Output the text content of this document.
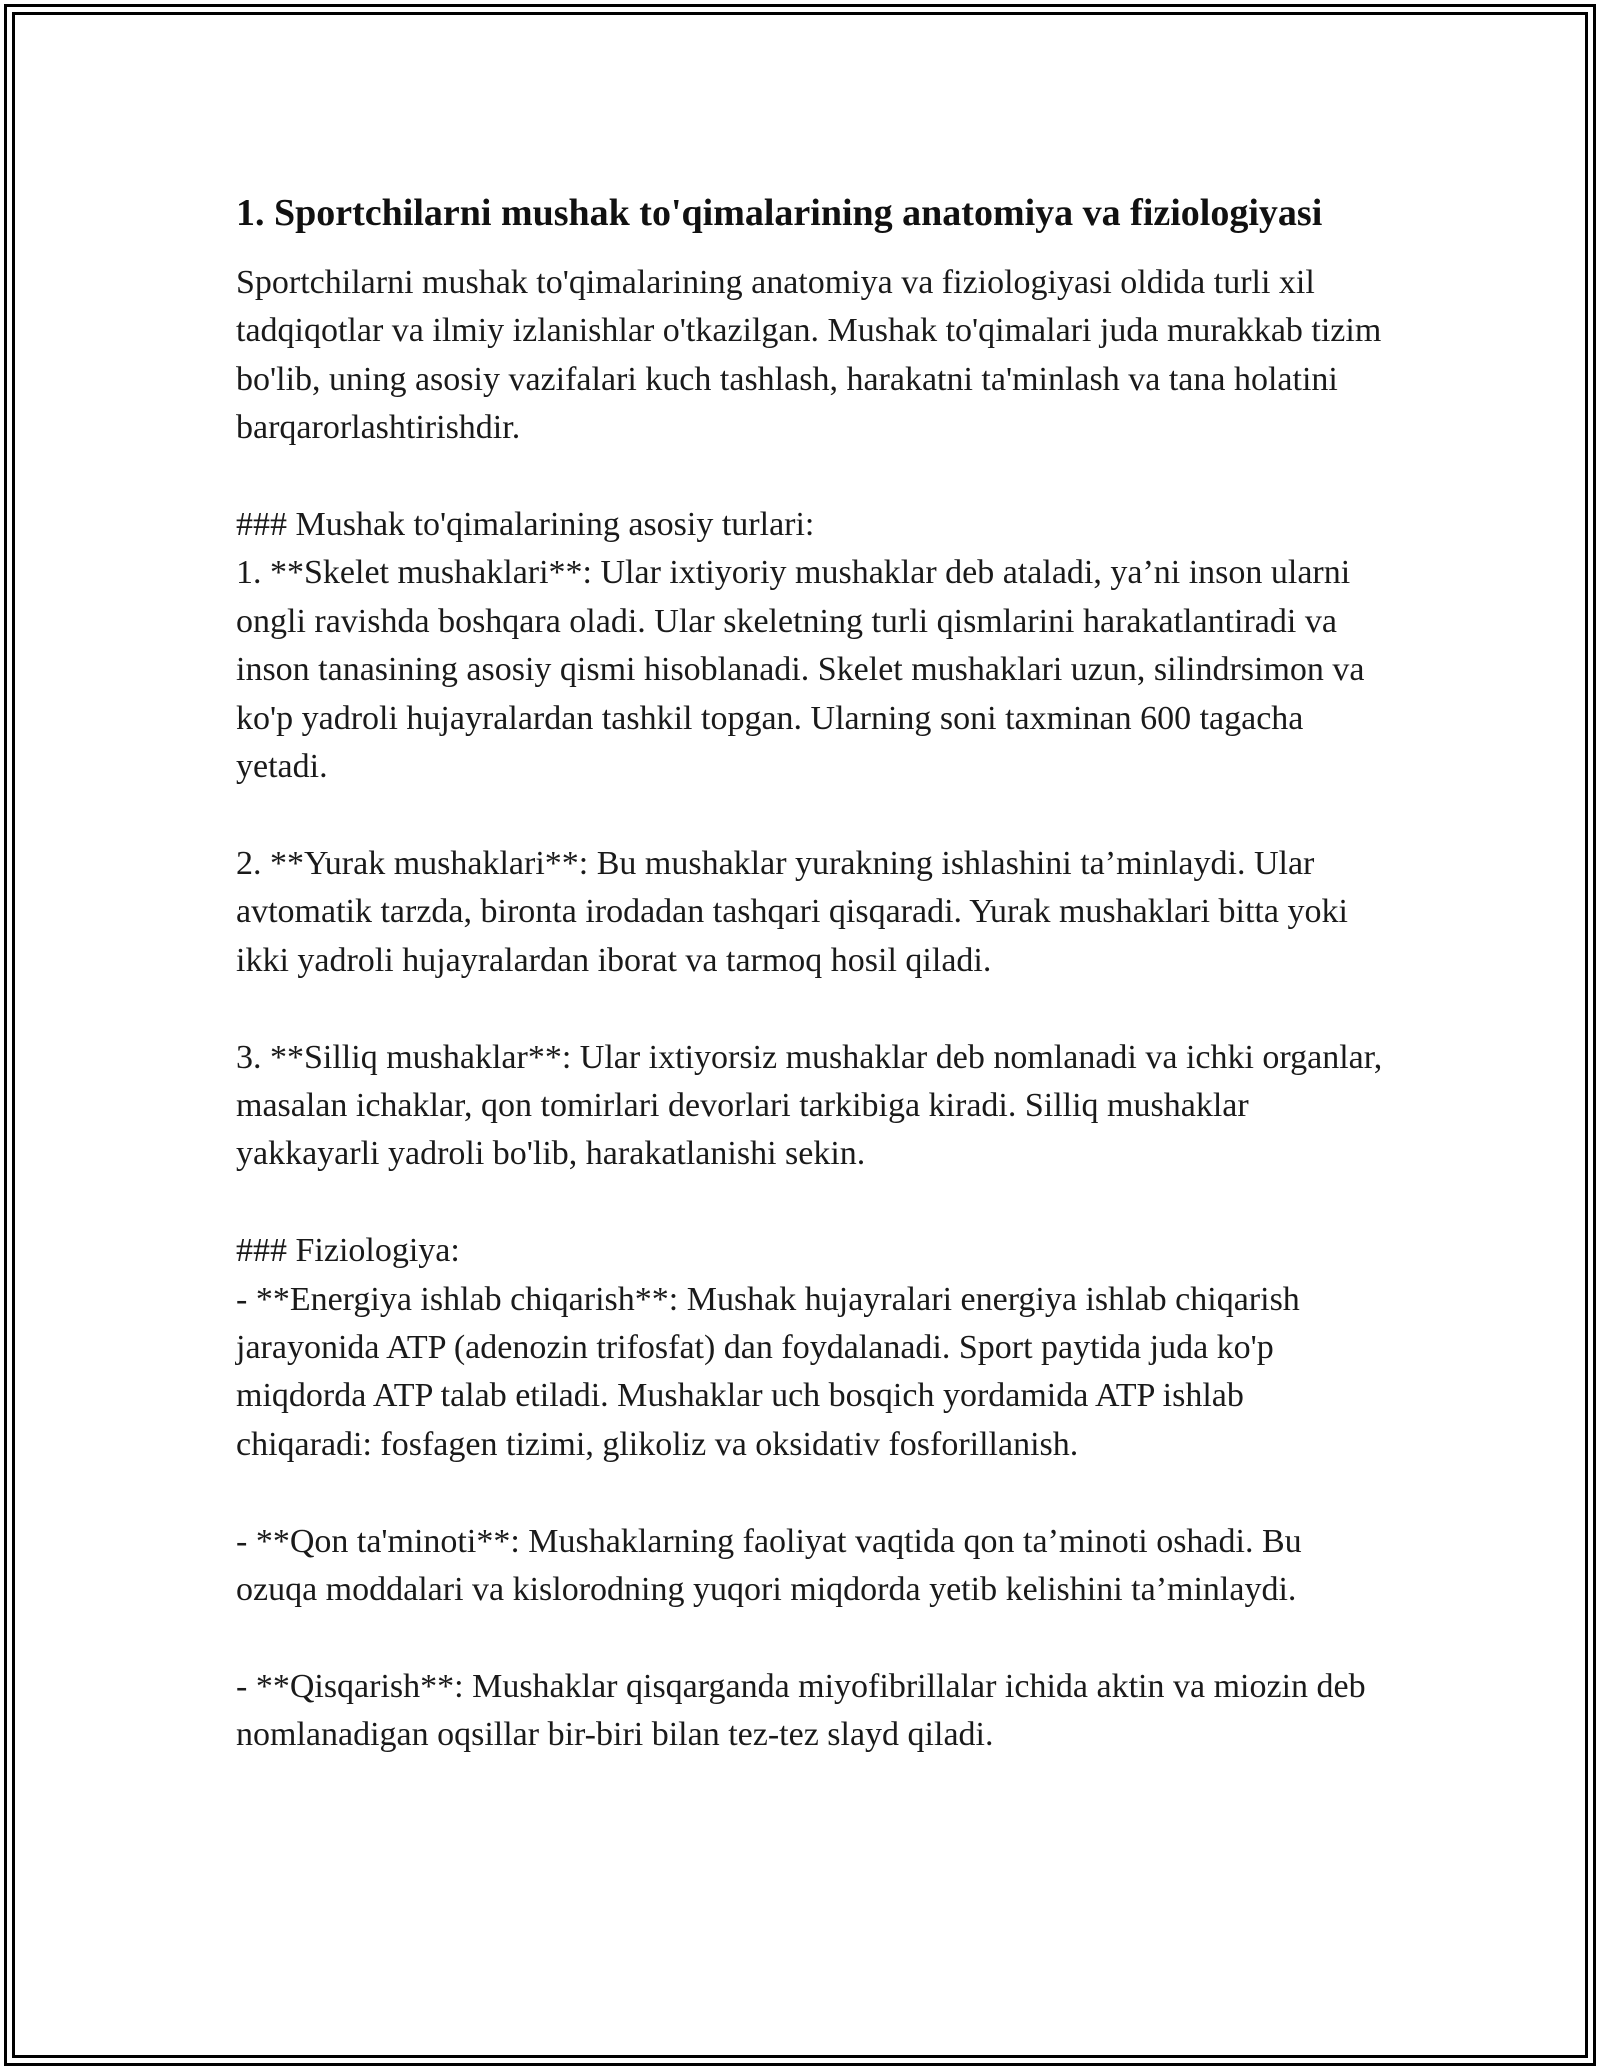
1. Sportchilarni mushak to'qimalarining anatomiya va fiziologiyasi

Sportchilarni mushak to'qimalarining anatomiya va fiziologiyasi oldida turli xil tadqiqotlar va ilmiy izlanishlar o'tkazilgan. Mushak to'qimalari juda murakkab tizim bo'lib, uning asosiy vazifalari kuch tashlash, harakatni ta'minlash va tana holatini barqarorlashtirishdir.

### Mushak to'qimalarining asosiy turlari:
1. **Skelet mushaklari**: Ular ixtiyoriy mushaklar deb ataladi, ya’ni inson ularni ongli ravishda boshqara oladi. Ular skeletning turli qismlarini harakatlantiradi va inson tanasining asosiy qismi hisoblanadi. Skelet mushaklari uzun, silindrsimon va ko'p yadroli hujayralardan tashkil topgan. Ularning soni taxminan 600 tagacha yetadi.

2. **Yurak mushaklari**: Bu mushaklar yurakning ishlashini ta’minlaydi. Ular avtomatik tarzda, bironta irodadan tashqari qisqaradi. Yurak mushaklari bitta yoki ikki yadroli hujayralardan iborat va tarmoq hosil qiladi.

3. **Silliq mushaklar**: Ular ixtiyorsiz mushaklar deb nomlanadi va ichki organlar, masalan ichaklar, qon tomirlari devorlari tarkibiga kiradi. Silliq mushaklar yakkayarli yadroli bo'lib, harakatlanishi sekin.

### Fiziologiya:
- **Energiya ishlab chiqarish**: Mushak hujayralari energiya ishlab chiqarish jarayonida ATP (adenozin trifosfat) dan foydalanadi. Sport paytida juda ko'p miqdorda ATP talab etiladi. Mushaklar uch bosqich yordamida ATP ishlab chiqaradi: fosfagen tizimi, glikoliz va oksidativ fosforillanish.

- **Qon ta'minoti**: Mushaklarning faoliyat vaqtida qon ta’minoti oshadi. Bu ozuqa moddalari va kislorodning yuqori miqdorda yetib kelishini ta’minlaydi.

- **Qisqarish**: Mushaklar qisqarganda miyofibrillalar ichida aktin va miozin deb nomlanadigan oqsillar bir-biri bilan tez-tez slayd qiladi.
